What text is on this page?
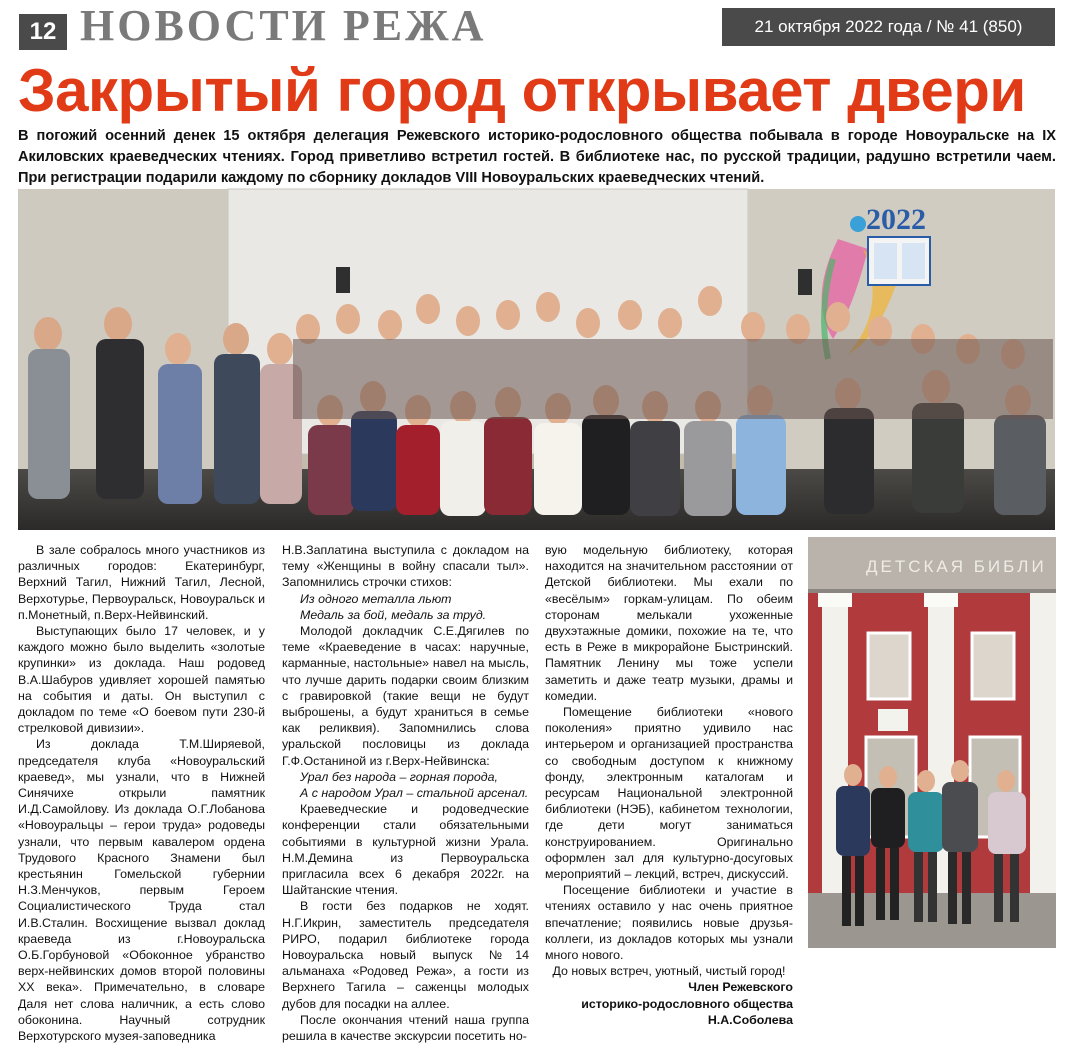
12 НОВОСТИ РЕЖА	21 октября 2022 года / № 41 (850)
Закрытый город открывает двери
В погожий осенний денек 15 октября делегация Режевского историко-родословного общества побывала в городе Новоуральске на IX Акиловских краеведческих чтениях. Город приветливо встретил гостей. В библиотеке нас, по русской традиции, радушно встретили чаем. При регистрации подарили каждому по сборнику докладов VIII Новоуральских краеведческих чтений.
2022

В зале собралось много участников из различных городов: Екатеринбург, Верхний Тагил, Нижний Тагил, Лесной, Верхотурье, Первоуральск, Новоуральск и п.Монетный, п.Верх-Нейвинский.

Выступающих было 17 человек, и у каждого можно было выделить «золотые крупинки» из доклада. Наш родовед В.А.Шабуров удивляет хорошей памятью на события и даты. Он выступил с докладом по теме «О боевом пути 230-й стрелковой дивизии».

Из доклада Т.М.Ширяевой, председателя клуба «Новоуральский краевед», мы узнали, что в Нижней Синячихе открыли памятник И.Д.Самойлову. Из доклада О.Г.Лобанова «Новоуральцы – герои труда» родоведы узнали, что первым кавалером ордена Трудового Красного Знамени был крестьянин Гомельской губернии Н.З.Менчуков, первым Героем Социалистического Труда стал И.В.Сталин. Восхищение вызвал доклад краеведа из г.Новоуральска О.Б.Горбуновой «Обоконное убранство верх-нейвинских домов второй половины XX века». Примечательно, в словаре Даля нет слова наличник, а есть слово обоконина. Научный сотрудник Верхотурского музея-заповедника

Н.В.Заплатина выступила с докладом на тему «Женщины в войну спасали тыл». Запомнились строчки стихов:

Из одного металла льют

Медаль за бой, медаль за труд.

Молодой докладчик С.Е.Дягилев по теме «Краеведение в часах: наручные, карманные, настольные» навел на мысль, что лучше дарить подарки своим близким с гравировкой (такие вещи не будут выброшены, а будут храниться в семье как реликвия). Запомнились слова уральской пословицы из доклада Г.Ф.Останиной из г.Верх-Нейвинска:

Урал без народа – горная порода,

А с народом Урал – стальной арсенал.

Краеведческие и родоведческие конференции стали обязательными событиями в культурной жизни Урала. Н.М.Демина из Первоуральска пригласила всех 6 декабря 2022г. на Шайтанские чтения.

В гости без подарков не ходят. Н.Г.Икрин, заместитель председателя РИРО, подарил библиотеке города Новоуральска новый выпуск №14 альманаха «Родовед Режа», а гости из Верхнего Тагила – саженцы молодых дубов для посадки на аллее.

После окончания чтений наша группа решила в качестве экскурсии посетить но-

вую модельную библиотеку, которая находится на значительном расстоянии от Детской библиотеки. Мы ехали по «весёлым» горкам-улицам. По обеим сторонам мелькали ухоженные двухэтажные домики, похожие на те, что есть в Реже в микрорайоне Быстринский. Памятник Ленину мы тоже успели заметить и даже театр музыки, драмы и комедии.

Помещение библиотеки «нового поколения» приятно удивило нас интерьером и организацией пространства со свободным доступом к книжному фонду, электронным каталогам и ресурсам Национальной электронной библиотеки (НЭБ), кабинетом технологии, где дети могут заниматься конструированием. Оригинально оформлен зал для культурно-досуговых мероприятий – лекций, встреч, дискуссий.

Посещение библиотеки и участие в чтениях оставило у нас очень приятное впечатление; появились новые друзья-коллеги, из докладов которых мы узнали много нового.

До новых встреч, уютный, чистый город!

Член Режевского

историко-родословного общества

Н.А.Соболева

ДЕТСКАЯ БИБЛИ
